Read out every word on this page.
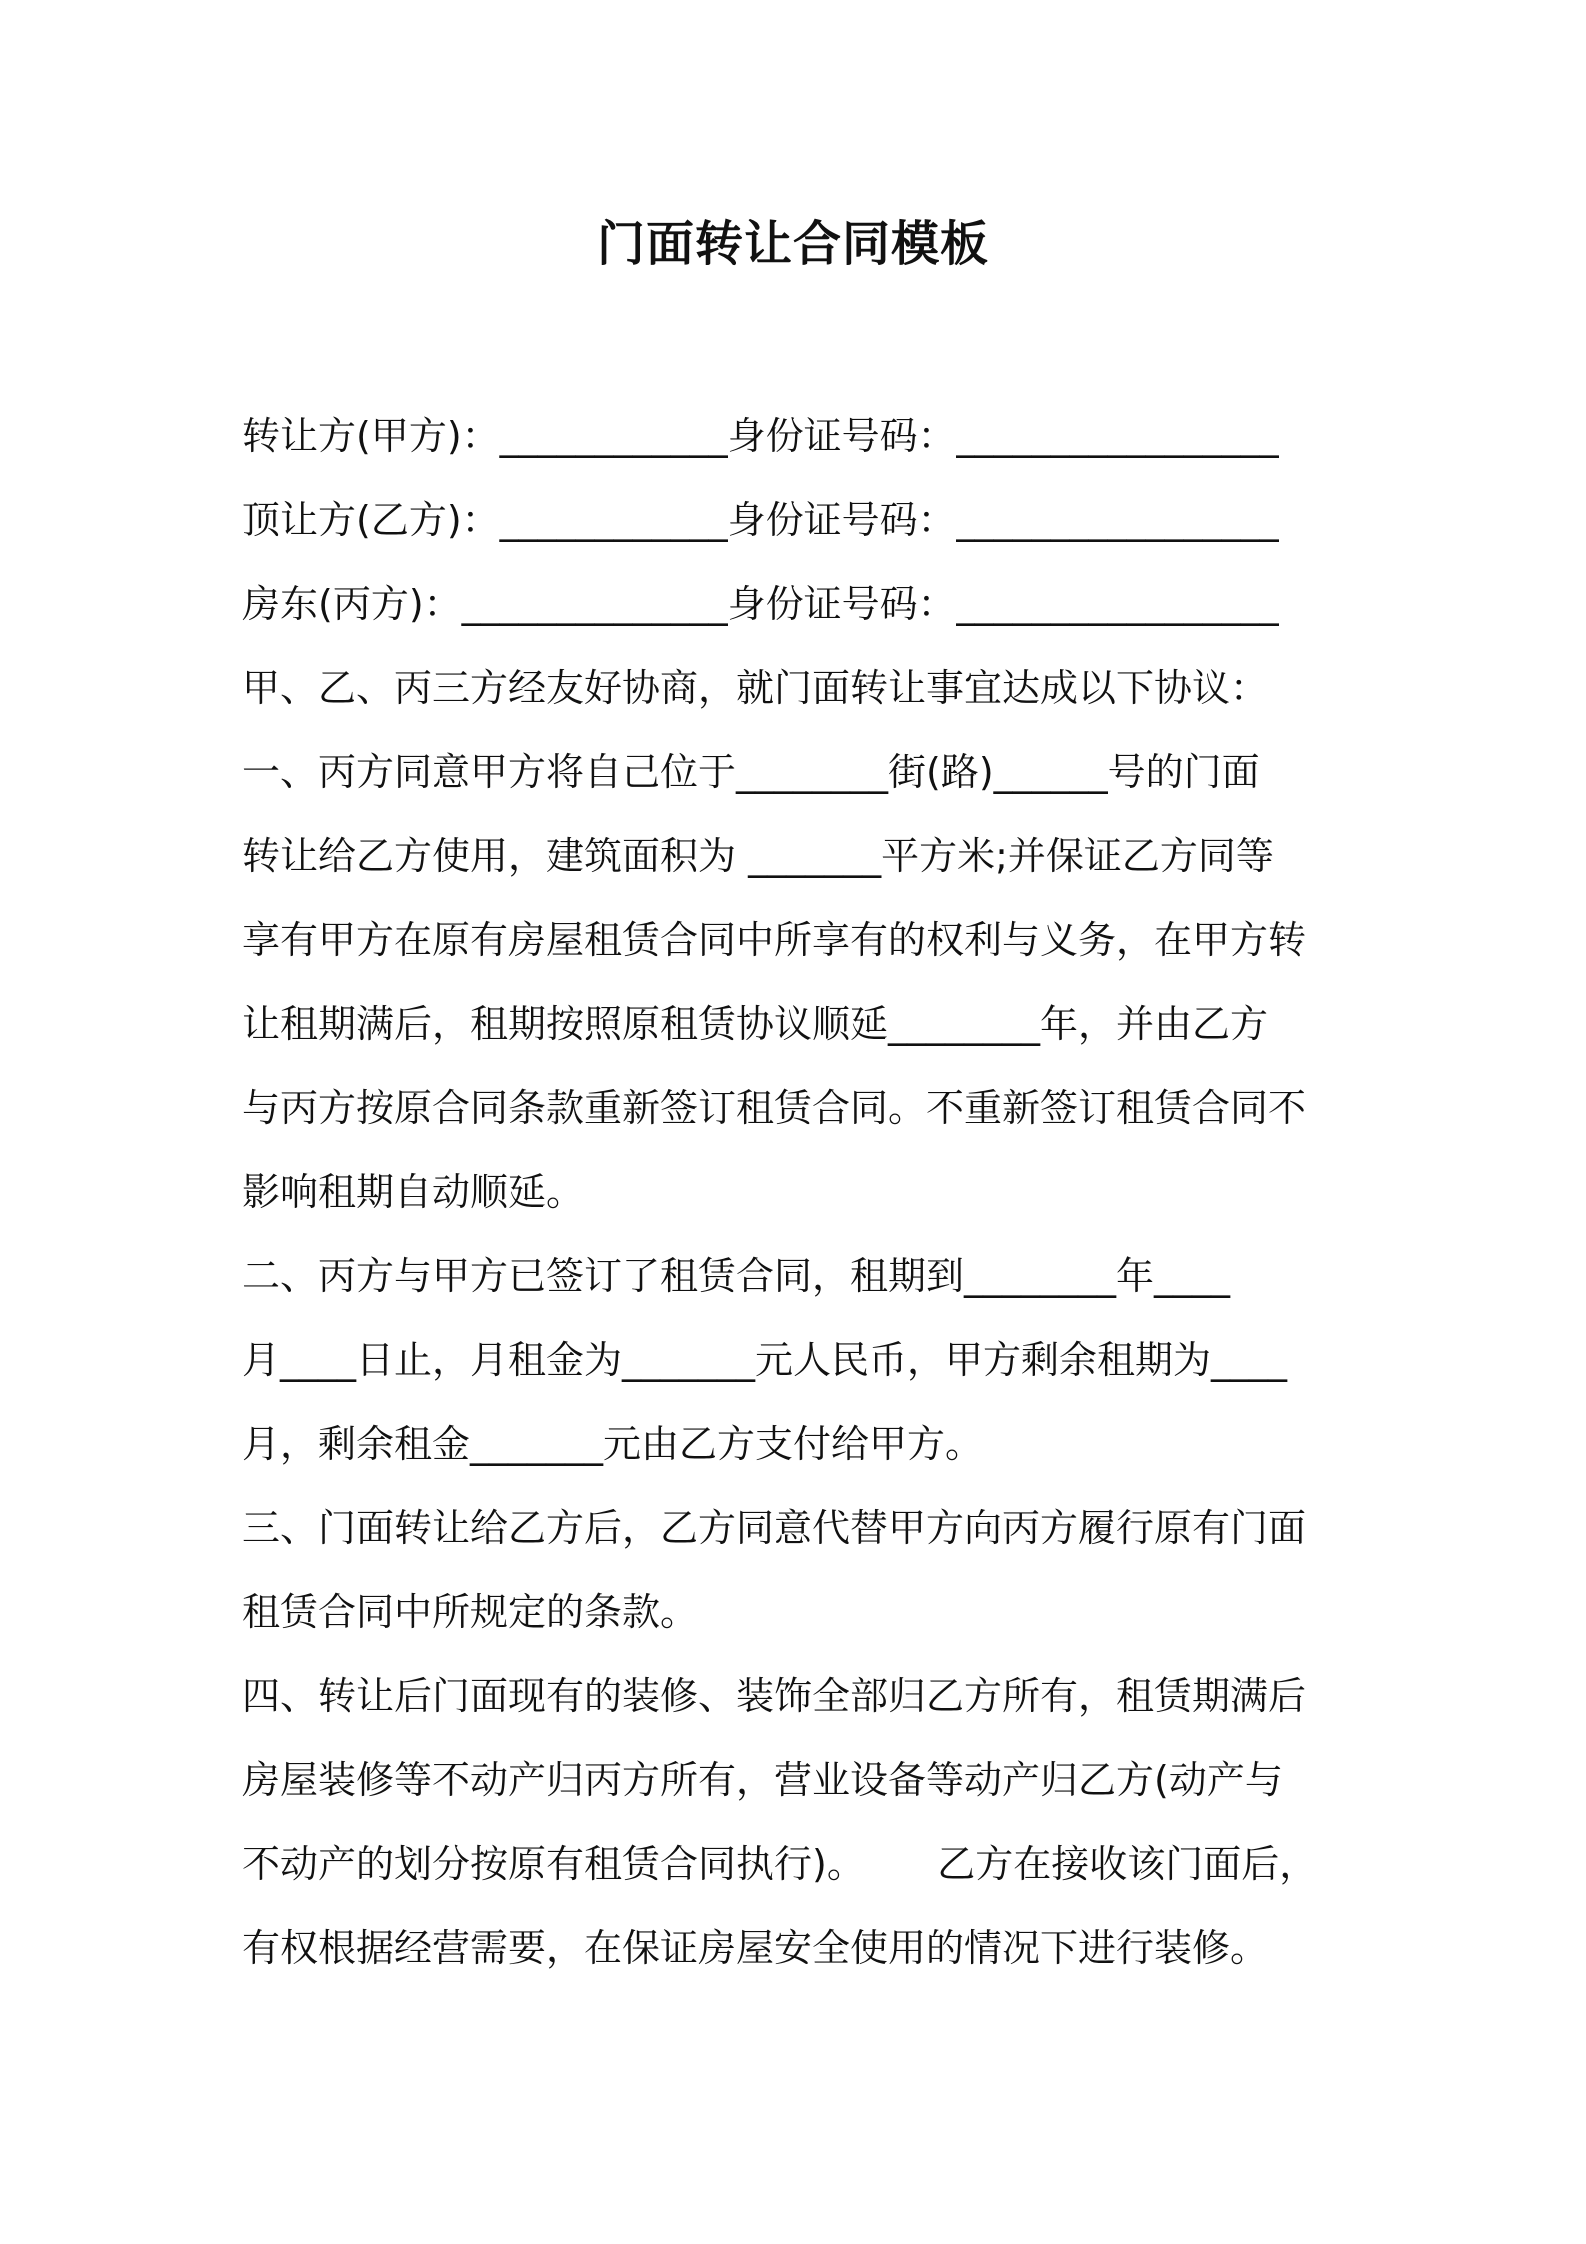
门面转让合同模板
转让方(甲方)： ____________ 身份证号码： _________________
顶让方(乙方)： ____________ 身份证号码： _________________
房东(丙方)： ______________ 身份证号码： _________________
甲、乙、丙三方经友好协商，就门面转让事宜达成以下协议：
一、丙方同意甲方将自己位于________街(路)______号的门面
转让给乙方使用，建筑面积为 _______平方米;并保证乙方同等
享有甲方在原有房屋租赁合同中所享有的权利与义务，在甲方转
让租期满后，租期按照原租赁协议顺延________年，并由乙方
与丙方按原合同条款重新签订租赁合同。不重新签订租赁合同不
影响租期自动顺延。
二、丙方与甲方已签订了租赁合同，租期到________年____
月____日止，月租金为_______元人民币，甲方剩余租期为____
月，剩余租金_______元由乙方支付给甲方。
三、门面转让给乙方后，乙方同意代替甲方向丙方履行原有门面
租赁合同中所规定的条款。
四、转让后门面现有的装修、装饰全部归乙方所有，租赁期满后
房屋装修等不动产归丙方所有，营业设备等动产归乙方(动产与
不动产的划分按原有租赁合同执行)。      乙方在接收该门面后，
有权根据经营需要，在保证房屋安全使用的情况下进行装修。
